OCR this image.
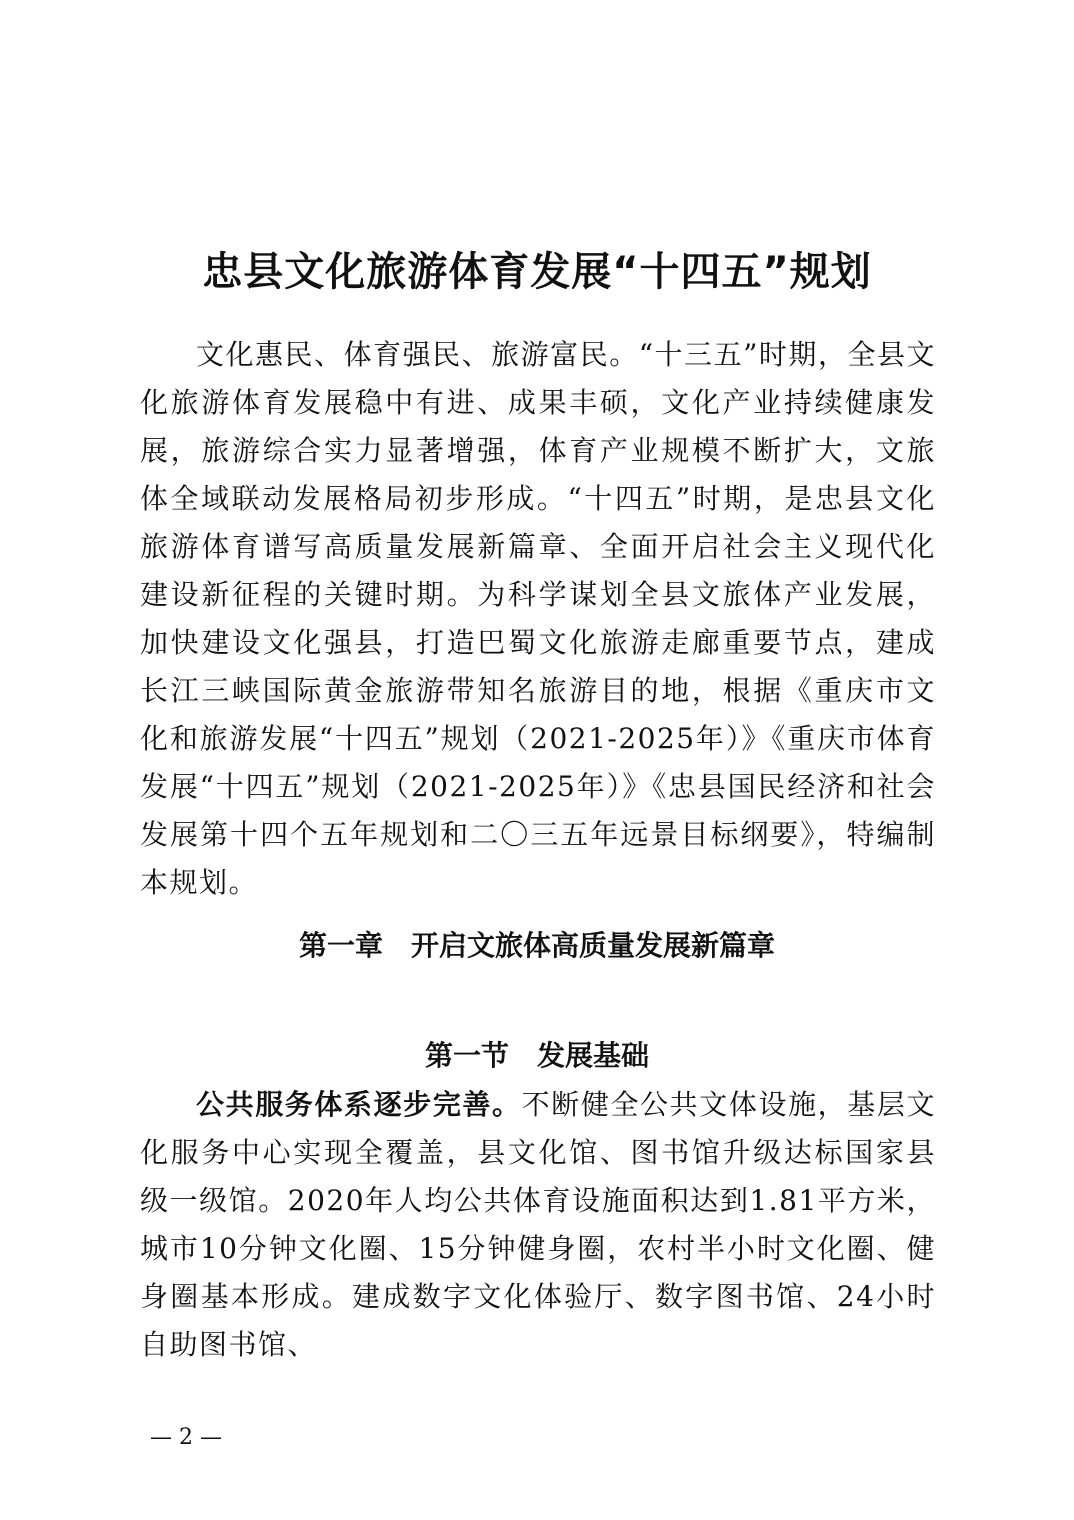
忠县文化旅游体育发展“十四五”规划

文化惠民、体育强民、旅游富民。“十三五”时期，全县文化旅游体育发展稳中有进、成果丰硕，文化产业持续健康发展，旅游综合实力显著增强，体育产业规模不断扩大，文旅体全域联动发展格局初步形成。“十四五”时期，是忠县文化旅游体育谱写高质量发展新篇章、全面开启社会主义现代化建设新征程的关键时期。为科学谋划全县文旅体产业发展，加快建设文化强县，打造巴蜀文化旅游走廊重要节点，建成长江三峡国际黄金旅游带知名旅游目的地，根据《重庆市文化和旅游发展“十四五”规划（2021-2025年）》《重庆市体育发展“十四五”规划（2021-2025年）》《忠县国民经济和社会发展第十四个五年规划和二〇三五年远景目标纲要》，特编制本规划。

第一章　开启文旅体高质量发展新篇章
第一节　发展基础

公共服务体系逐步完善。不断健全公共文体设施，基层文化服务中心实现全覆盖，县文化馆、图书馆升级达标国家县级一级馆。2020年人均公共体育设施面积达到1.81平方米，城市10分钟文化圈、15分钟健身圈，农村半小时文化圈、健身圈基本形成。建成数字文化体验厅、数字图书馆、24小时自助图书馆、

— 2 —
